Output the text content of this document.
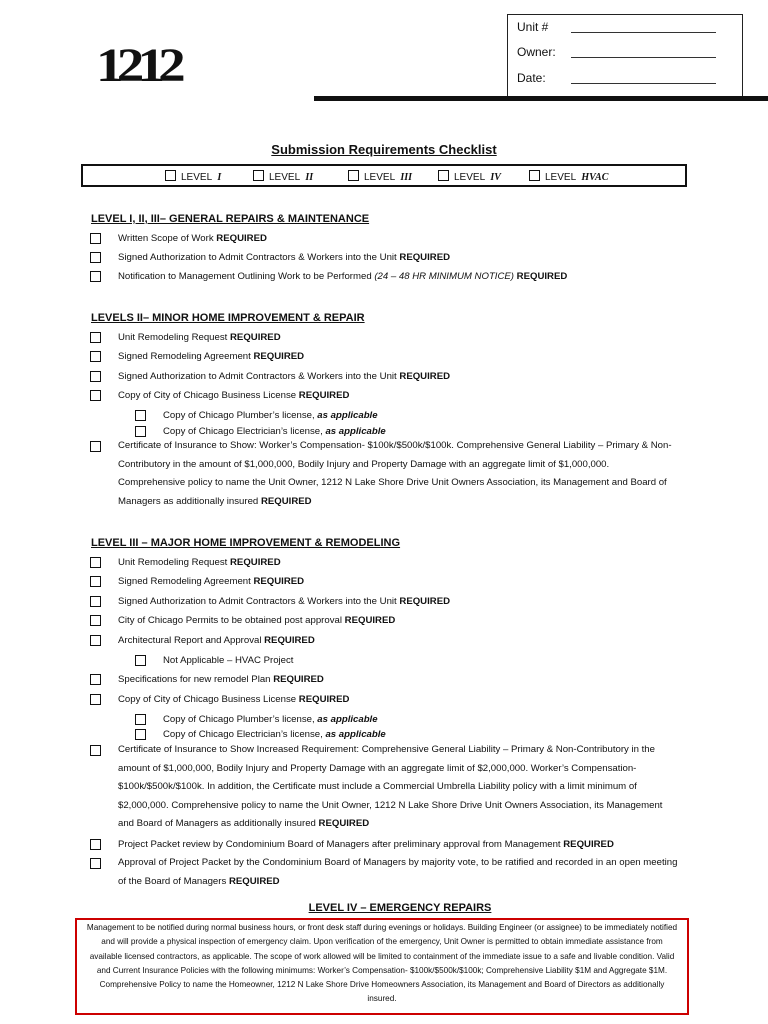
1212
Unit #
Owner:
Date:
Submission Requirements Checklist
LEVEL I	LEVEL II	LEVEL III	LEVEL IV	LEVEL HVAC
LEVEL I, II, III– GENERAL REPAIRS & MAINTENANCE
Written Scope of Work REQUIRED
Signed Authorization to Admit Contractors & Workers into the Unit REQUIRED
Notification to Management Outlining Work to be Performed (24 – 48 HR MINIMUM NOTICE) REQUIRED
LEVELS II– MINOR HOME IMPROVEMENT & REPAIR
Unit Remodeling Request REQUIRED
Signed Remodeling Agreement REQUIRED
Signed Authorization to Admit Contractors & Workers into the Unit REQUIRED
Copy of City of Chicago Business License REQUIRED
Copy of Chicago Plumber’s license, as applicable
Copy of Chicago Electrician’s license, as applicable
Certificate of Insurance to Show: Worker’s Compensation- $100k/$500k/$100k. Comprehensive General Liability – Primary & Non-Contributory in the amount of $1,000,000, Bodily Injury and Property Damage with an aggregate limit of $1,000,000. Comprehensive policy to name the Unit Owner, 1212 N Lake Shore Drive Unit Owners Association, its Management and Board of Managers as additionally insured REQUIRED
LEVEL III – MAJOR HOME IMPROVEMENT & REMODELING
Unit Remodeling Request REQUIRED
Signed Remodeling Agreement REQUIRED
Signed Authorization to Admit Contractors & Workers into the Unit REQUIRED
City of Chicago Permits to be obtained post approval REQUIRED
Architectural Report and Approval REQUIRED
Not Applicable – HVAC Project
Specifications for new remodel Plan REQUIRED
Copy of City of Chicago Business License REQUIRED
Copy of Chicago Plumber’s license, as applicable
Copy of Chicago Electrician’s license, as applicable
Certificate of Insurance to Show Increased Requirement: Comprehensive General Liability – Primary & Non-Contributory in the amount of $1,000,000, Bodily Injury and Property Damage with an aggregate limit of $2,000,000. Worker’s Compensation- $100k/$500k/$100k. In addition, the Certificate must include a Commercial Umbrella Liability policy with a limit minimum of $2,000,000. Comprehensive policy to name the Unit Owner, 1212 N Lake Shore Drive Unit Owners Association, its Management and Board of Managers as additionally insured REQUIRED
Project Packet review by Condominium Board of Managers after preliminary approval from Management REQUIRED
Approval of Project Packet by the Condominium Board of Managers by majority vote, to be ratified and recorded in an open meeting of the Board of Managers REQUIRED
LEVEL IV – EMERGENCY REPAIRS
Management to be notified during normal business hours, or front desk staff during evenings or holidays. Building Engineer (or assignee) to be immediately notified and will provide a physical inspection of emergency claim. Upon verification of the emergency, Unit Owner is permitted to obtain immediate assistance from available licensed contractors, as applicable. The scope of work allowed will be limited to containment of the immediate issue to a safe and livable condition. Valid and Current Insurance Policies with the following minimums: Worker’s Compensation- $100k/$500k/$100k; Comprehensive Liability $1M and Aggregate $1M. Comprehensive Policy to name the Homeowner, 1212 N Lake Shore Drive Homeowners Association, its Management and Board of Directors as additionally insured.
